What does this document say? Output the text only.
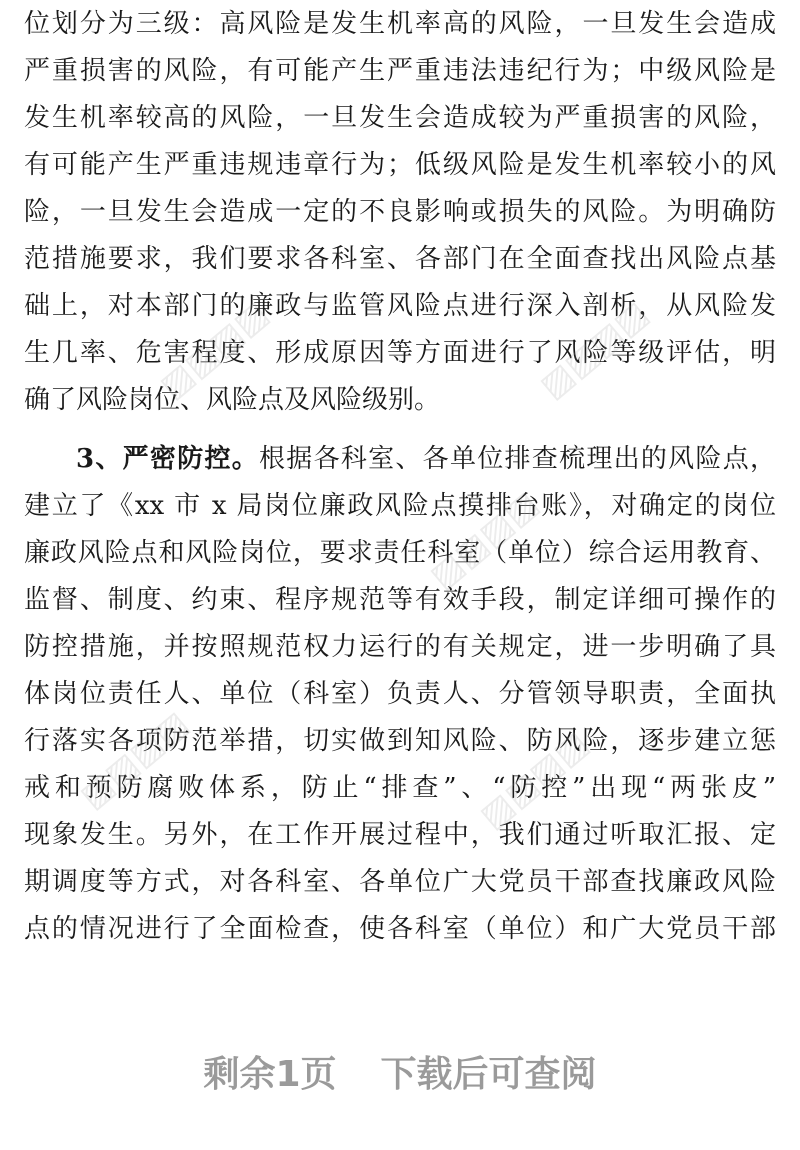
位划分为三级：高风险是发生机率高的风险，一旦发生会造成
严重损害的风险，有可能产生严重违法违纪行为；中级风险是
发生机率较高的风险，一旦发生会造成较为严重损害的风险，
有可能产生严重违规违章行为；低级风险是发生机率较小的风
险，一旦发生会造成一定的不良影响或损失的风险。为明确防
范措施要求，我们要求各科室、各部门在全面查找出风险点基
础上，对本部门的廉政与监管风险点进行深入剖析，从风险发
生几率、危害程度、形成原因等方面进行了风险等级评估，明
确了风险岗位、风险点及风险级别。
3、严密防控。根据各科室、各单位排查梳理出的风险点，
建立了《xx 市 x 局岗位廉政风险点摸排台账》，对确定的岗位
廉政风险点和风险岗位，要求责任科室（单位）综合运用教育、
监督、制度、约束、程序规范等有效手段，制定详细可操作的
防控措施，并按照规范权力运行的有关规定，进一步明确了具
体岗位责任人、单位（科室）负责人、分管领导职责，全面执
行落实各项防范举措，切实做到知风险、防风险，逐步建立惩
戒和预防腐败体系，防止“排查”、“防控”出现“两张皮”
现象发生。另外，在工作开展过程中，我们通过听取汇报、定
期调度等方式，对各科室、各单位广大党员干部查找廉政风险
点的情况进行了全面检查，使各科室（单位）和广大党员干部
▨▨▨▨	▨▨▨▨
▨▨▨▨
▨▨▨▨	▨▨▨▨
剩余1页 下载后可查阅
